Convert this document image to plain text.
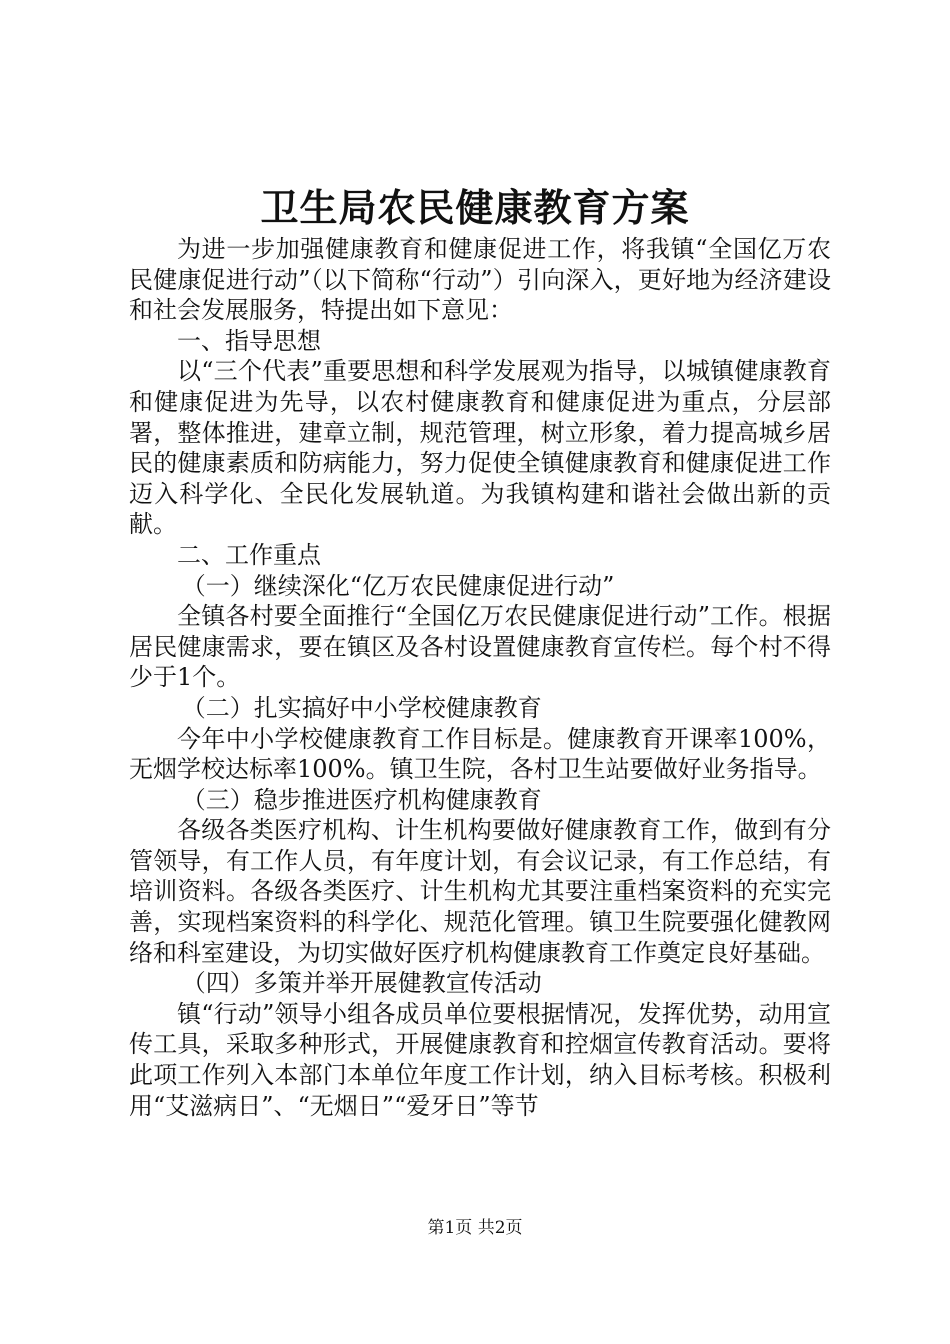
卫生局农民健康教育方案

为进一步加强健康教育和健康促进工作，将我镇“全国亿万农民健康促进行动”（以下简称“行动”）引向深入，更好地为经济建设和社会发展服务，特提出如下意见：

一、指导思想

以“三个代表”重要思想和科学发展观为指导，以城镇健康教育和健康促进为先导，以农村健康教育和健康促进为重点，分层部署，整体推进，建章立制，规范管理，树立形象，着力提高城乡居民的健康素质和防病能力，努力促使全镇健康教育和健康促进工作迈入科学化、全民化发展轨道。为我镇构建和谐社会做出新的贡献。

二、工作重点

（一）继续深化“亿万农民健康促进行动”

全镇各村要全面推行“全国亿万农民健康促进行动”工作。根据居民健康需求，要在镇区及各村设置健康教育宣传栏。每个村不得少于1个。

（二）扎实搞好中小学校健康教育

今年中小学校健康教育工作目标是。健康教育开课率100%，无烟学校达标率100%。镇卫生院，各村卫生站要做好业务指导。

（三）稳步推进医疗机构健康教育

各级各类医疗机构、计生机构要做好健康教育工作，做到有分管领导，有工作人员，有年度计划，有会议记录，有工作总结，有培训资料。各级各类医疗、计生机构尤其要注重档案资料的充实完善，实现档案资料的科学化、规范化管理。镇卫生院要强化健教网络和科室建设，为切实做好医疗机构健康教育工作奠定良好基础。

（四）多策并举开展健教宣传活动

镇“行动”领导小组各成员单位要根据情况，发挥优势，动用宣传工具，采取多种形式，开展健康教育和控烟宣传教育活动。要将此项工作列入本部门本单位年度工作计划，纳入目标考核。积极利用“艾滋病日”、“无烟日”“爱牙日”等节

第1页 共2页
